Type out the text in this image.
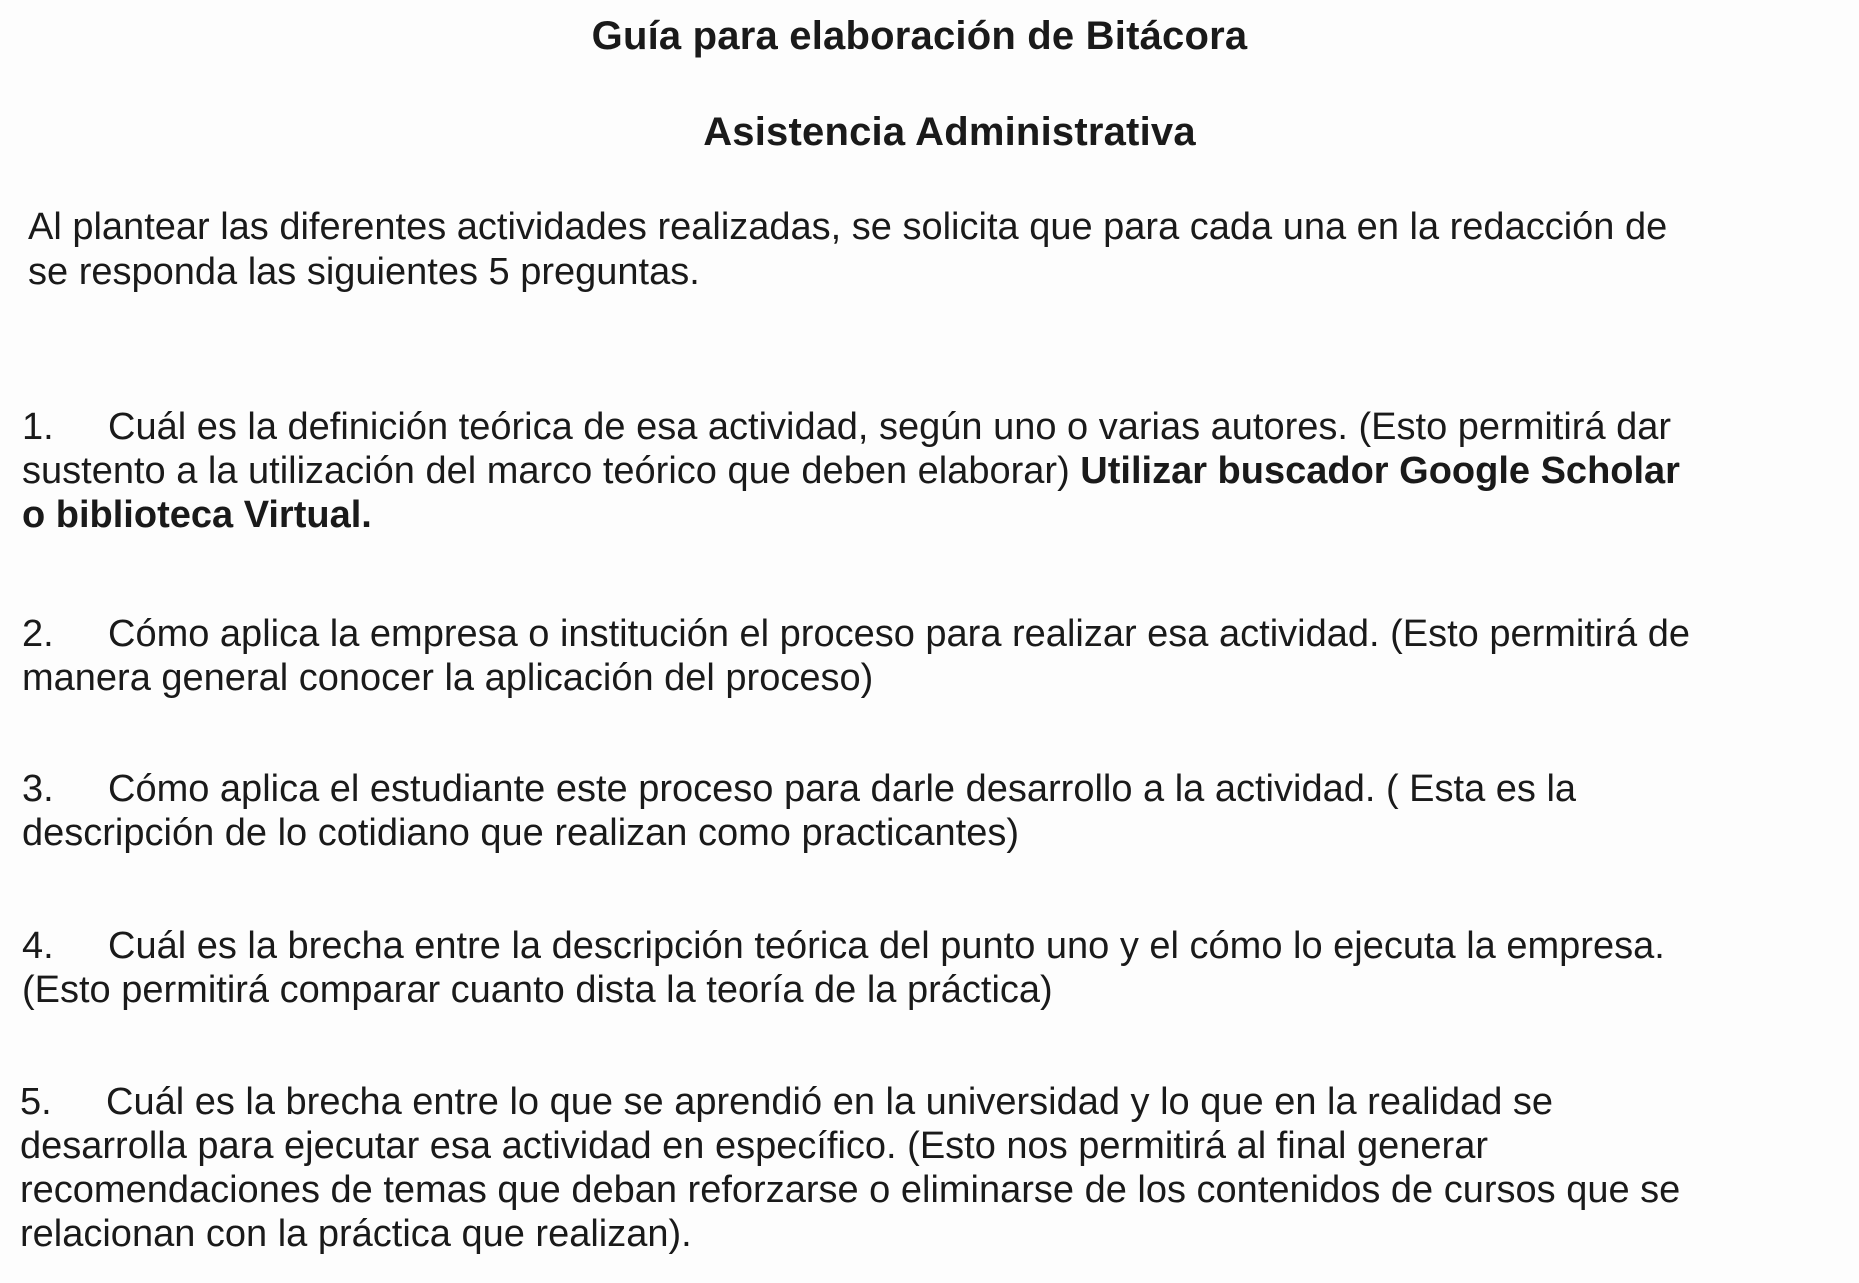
Guía para elaboración de Bitácora
Asistencia Administrativa
Al plantear las diferentes actividades realizadas, se solicita que para cada una en la redacción de
se responda las siguientes 5 preguntas.
1. Cuál es la definición teórica de esa actividad, según uno o varias autores. (Esto permitirá dar
sustento a la utilización del marco teórico que deben elaborar) Utilizar buscador Google Scholar
o biblioteca Virtual.
2. Cómo aplica la empresa o institución el proceso para realizar esa actividad. (Esto permitirá de
manera general conocer la aplicación del proceso)
3. Cómo aplica el estudiante este proceso para darle desarrollo a la actividad. ( Esta es la
descripción de lo cotidiano que realizan como practicantes)
4. Cuál es la brecha entre la descripción teórica del punto uno y el cómo lo ejecuta la empresa.
(Esto permitirá comparar cuanto dista la teoría de la práctica)
5. Cuál es la brecha entre lo que se aprendió en la universidad y lo que en la realidad se
desarrolla para ejecutar esa actividad en específico. (Esto nos permitirá al final generar
recomendaciones de temas que deban reforzarse o eliminarse de los contenidos de cursos que se
relacionan con la práctica que realizan).
